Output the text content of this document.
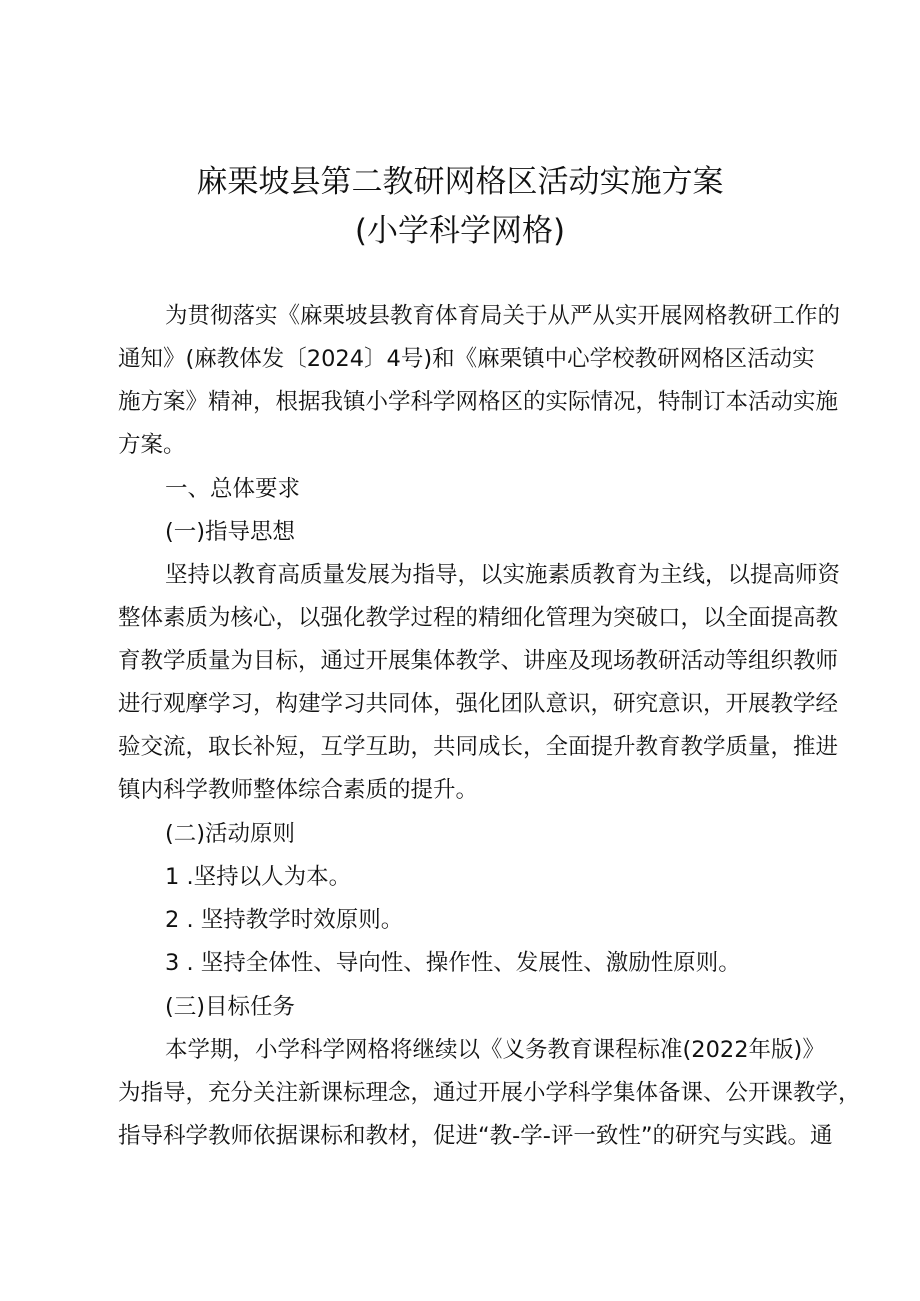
麻栗坡县第二教研网格区活动实施方案
(小学科学网格)
为贯彻落实《麻栗坡县教育体育局关于从严从实开展网格教研工作的
通知》(麻教体发〔2024〕4号)和《麻栗镇中心学校教研网格区活动实
施方案》精神，根据我镇小学科学网格区的实际情况，特制订本活动实施
方案。
一、总体要求
(一)指导思想
坚持以教育高质量发展为指导，以实施素质教育为主线，以提高师资
整体素质为核心，以强化教学过程的精细化管理为突破口，以全面提高教
育教学质量为目标，通过开展集体教学、讲座及现场教研活动等组织教师
进行观摩学习，构建学习共同体，强化团队意识，研究意识，开展教学经
验交流，取长补短，互学互助，共同成长，全面提升教育教学质量，推进
镇内科学教师整体综合素质的提升。
(二)活动原则
1 .坚持以人为本。
2 . 坚持教学时效原则。
3 . 坚持全体性、导向性、操作性、发展性、激励性原则。
(三)目标任务
本学期，小学科学网格将继续以《义务教育课程标准(2022年版)》
为指导，充分关注新课标理念，通过开展小学科学集体备课、公开课教学，
指导科学教师依据课标和教材，促进“教-学-评一致性”的研究与实践。通
